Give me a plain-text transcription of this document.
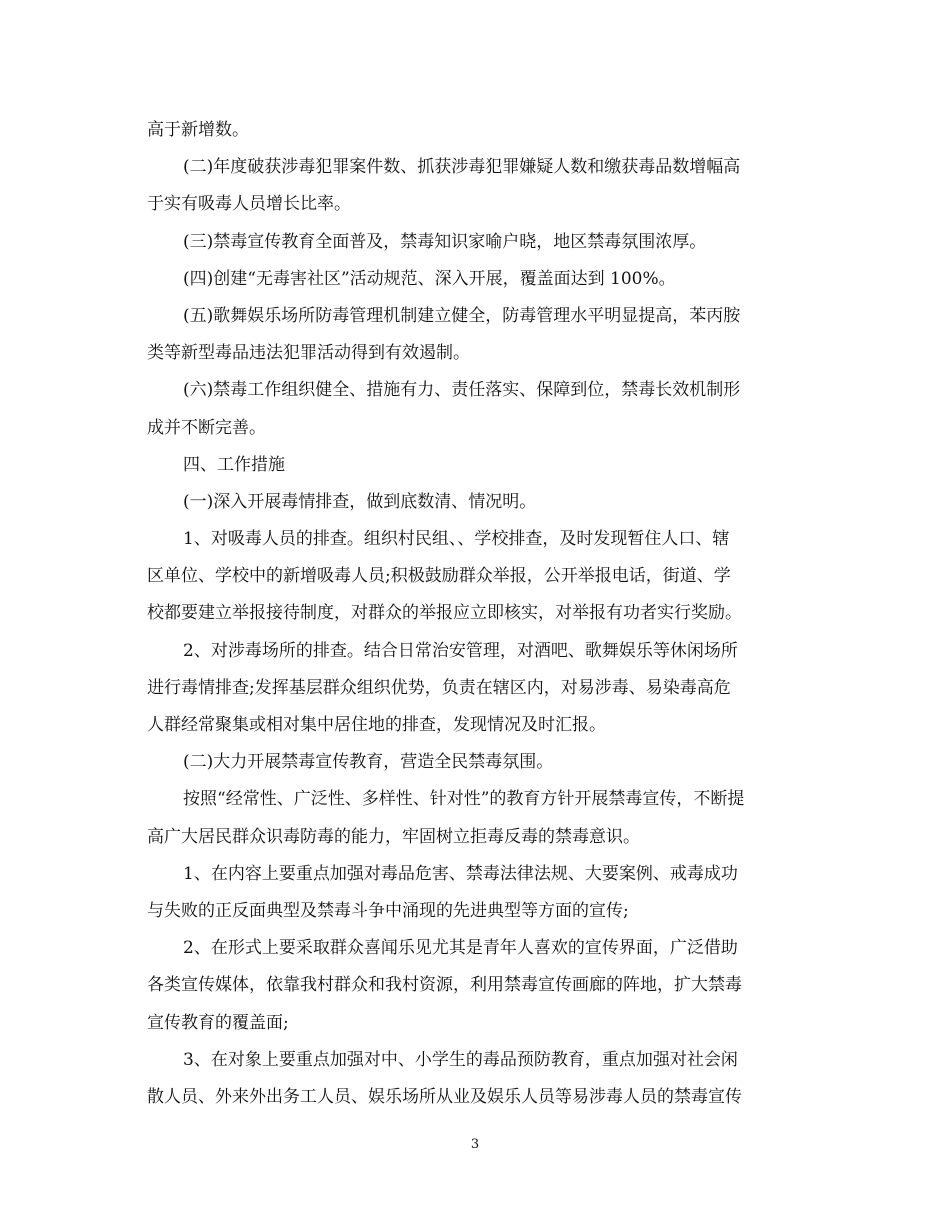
高于新增数。
(二)年度破获涉毒犯罪案件数、抓获涉毒犯罪嫌疑人数和缴获毒品数增幅高
于实有吸毒人员增长比率。
(三)禁毒宣传教育全面普及，禁毒知识家喻户晓，地区禁毒氛围浓厚。
(四)创建“无毒害社区”活动规范、深入开展，覆盖面达到 100%。
(五)歌舞娱乐场所防毒管理机制建立健全，防毒管理水平明显提高，苯丙胺
类等新型毒品违法犯罪活动得到有效遏制。
(六)禁毒工作组织健全、措施有力、责任落实、保障到位，禁毒长效机制形
成并不断完善。
四、工作措施
(一)深入开展毒情排查，做到底数清、情况明。
1、对吸毒人员的排查。组织村民组、、学校排查，及时发现暂住人口、辖
区单位、学校中的新增吸毒人员;积极鼓励群众举报，公开举报电话，街道、学
校都要建立举报接待制度，对群众的举报应立即核实，对举报有功者实行奖励。
2、对涉毒场所的排查。结合日常治安管理，对酒吧、歌舞娱乐等休闲场所
进行毒情排查;发挥基层群众组织优势，负责在辖区内，对易涉毒、易染毒高危
人群经常聚集或相对集中居住地的排查，发现情况及时汇报。
(二)大力开展禁毒宣传教育，营造全民禁毒氛围。
按照“经常性、广泛性、多样性、针对性”的教育方针开展禁毒宣传，不断提
高广大居民群众识毒防毒的能力，牢固树立拒毒反毒的禁毒意识。
1、在内容上要重点加强对毒品危害、禁毒法律法规、大要案例、戒毒成功
与失败的正反面典型及禁毒斗争中涌现的先进典型等方面的宣传;
2、在形式上要采取群众喜闻乐见尤其是青年人喜欢的宣传界面，广泛借助
各类宣传媒体，依靠我村群众和我村资源，利用禁毒宣传画廊的阵地，扩大禁毒
宣传教育的覆盖面;
3、在对象上要重点加强对中、小学生的毒品预防教育，重点加强对社会闲
散人员、外来外出务工人员、娱乐场所从业及娱乐人员等易涉毒人员的禁毒宣传
3
